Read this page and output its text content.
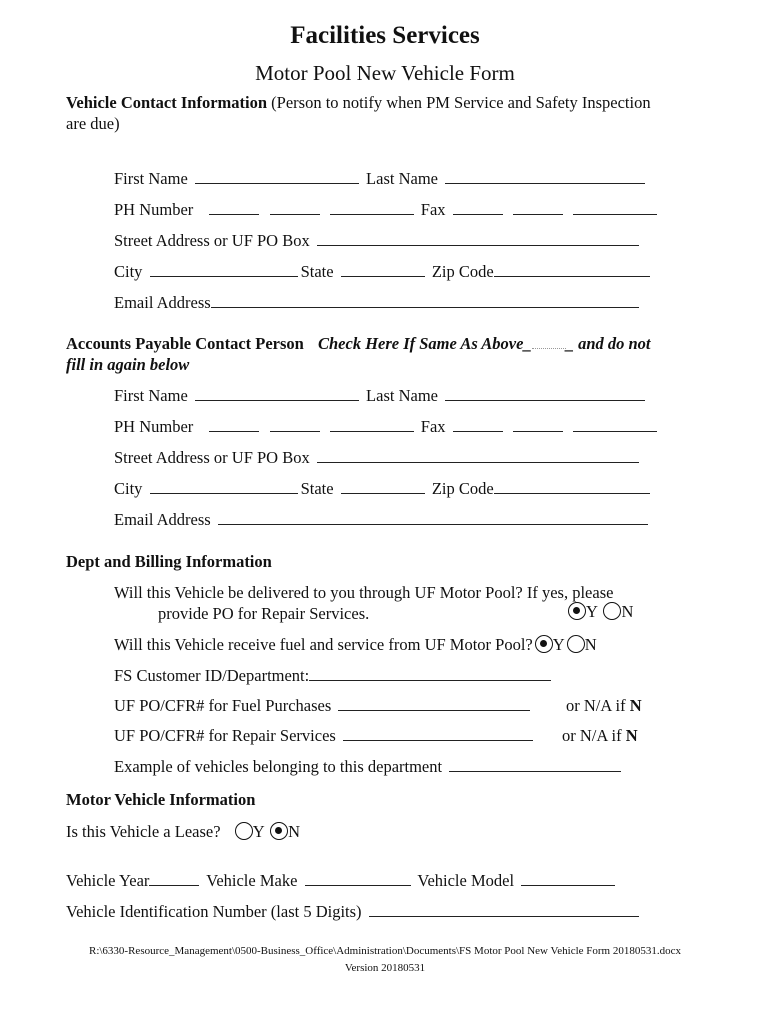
Facilities Services
Motor Pool New Vehicle Form
Vehicle Contact Information (Person to notify when PM Service and Safety Inspection
are due)
First Name	Last Name
PH Number	Fax
Street Address or UF PO Box
City	State	Zip Code
Email Address
Accounts Payable Contact Person Check Here If Same As Above_ _ and do not
fill in again below
First Name	Last Name
PH Number	Fax
Street Address or UF PO Box
City	State	Zip Code
Email Address
Dept and Billing Information
Will this Vehicle be delivered to you through UF Motor Pool? If yes, please
provide PO for Repair Services.	Y N
Will this Vehicle receive fuel and service from UF Motor Pool? Y N
FS Customer ID/Department:
UF PO/CFR# for Fuel Purchases	or N/A if N
UF PO/CFR# for Repair Services	or N/A if N
Example of vehicles belonging to this department
Motor Vehicle Information
Is this Vehicle a Lease? Y N
Vehicle Year	Vehicle Make	Vehicle Model
Vehicle Identification Number (last 5 Digits)
R:\6330-Resource_Management\0500-Business_Office\Administration\Documents\FS Motor Pool New Vehicle Form 20180531.docx
Version 20180531
